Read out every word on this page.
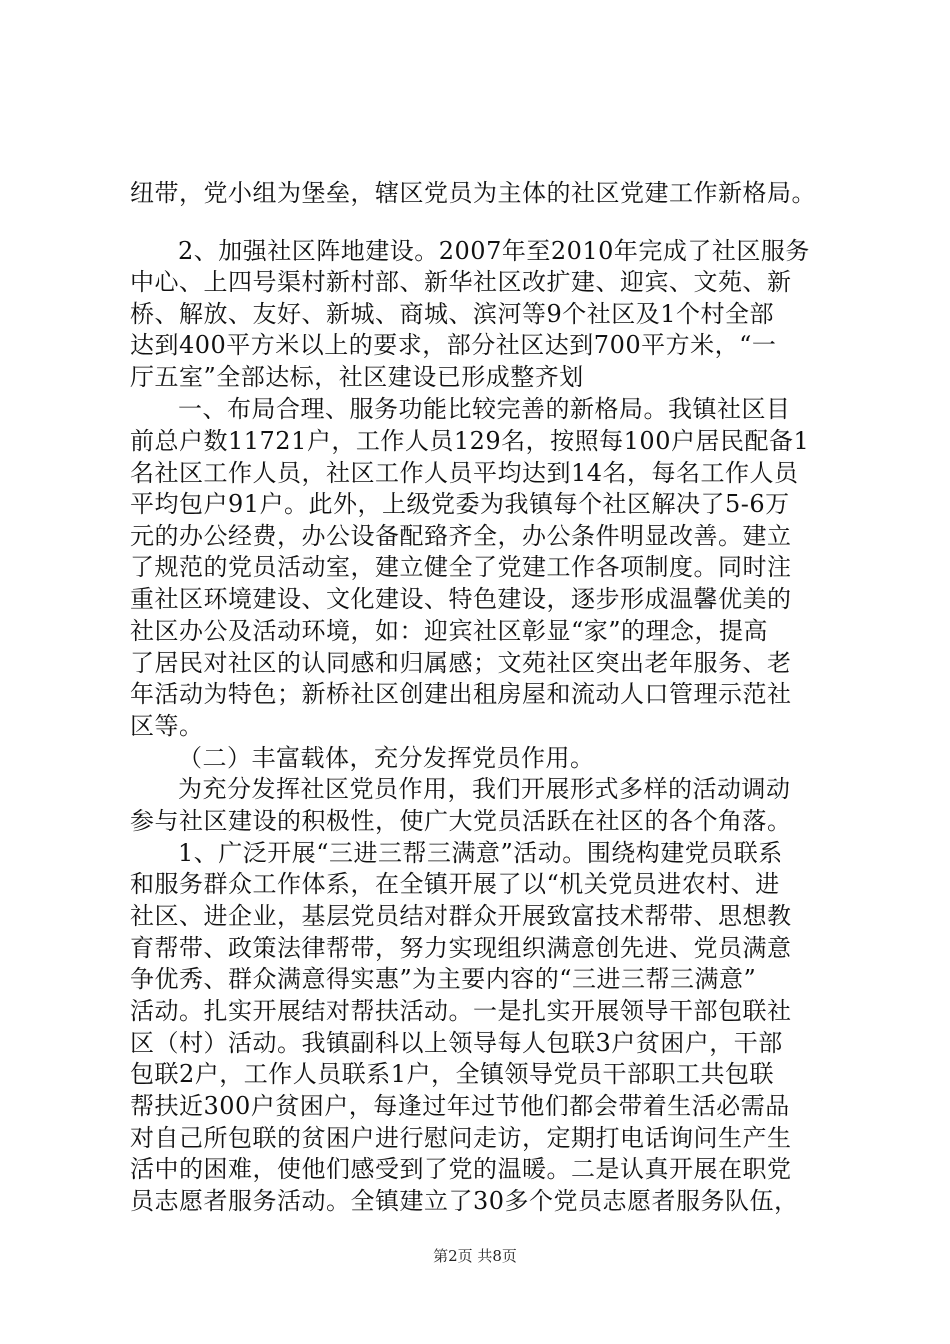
纽带，党小组为堡垒，辖区党员为主体的社区党建工作新格局。
2、加强社区阵地建设。2007年至2010年完成了社区服务
中心、上四号渠村新村部、新华社区改扩建、迎宾、文苑、新
桥、解放、友好、新城、商城、滨河等9个社区及1个村全部
达到400平方米以上的要求，部分社区达到700平方米，“一
厅五室”全部达标，社区建设已形成整齐划
一、布局合理、服务功能比较完善的新格局。我镇社区目
前总户数11721户，工作人员129名，按照每100户居民配备1
名社区工作人员，社区工作人员平均达到14名，每名工作人员
平均包户91户。此外，上级党委为我镇每个社区解决了5-6万
元的办公经费，办公设备配臵齐全，办公条件明显改善。建立
了规范的党员活动室，建立健全了党建工作各项制度。同时注
重社区环境建设、文化建设、特色建设，逐步形成温馨优美的
社区办公及活动环境，如：迎宾社区彰显“家”的理念，提高
了居民对社区的认同感和归属感；文苑社区突出老年服务、老
年活动为特色；新桥社区创建出租房屋和流动人口管理示范社
区等。
（二）丰富载体，充分发挥党员作用。
为充分发挥社区党员作用，我们开展形式多样的活动调动
参与社区建设的积极性，使广大党员活跃在社区的各个角落。
1、广泛开展“三进三帮三满意”活动。围绕构建党员联系
和服务群众工作体系，在全镇开展了以“机关党员进农村、进
社区、进企业，基层党员结对群众开展致富技术帮带、思想教
育帮带、政策法律帮带，努力实现组织满意创先进、党员满意
争优秀、群众满意得实惠”为主要内容的“三进三帮三满意”
活动。扎实开展结对帮扶活动。一是扎实开展领导干部包联社
区（村）活动。我镇副科以上领导每人包联3户贫困户，干部
包联2户，工作人员联系1户，全镇领导党员干部职工共包联
帮扶近300户贫困户，每逢过年过节他们都会带着生活必需品
对自己所包联的贫困户进行慰问走访，定期打电话询问生产生
活中的困难，使他们感受到了党的温暖。二是认真开展在职党
员志愿者服务活动。全镇建立了30多个党员志愿者服务队伍，
第2页 共8页
